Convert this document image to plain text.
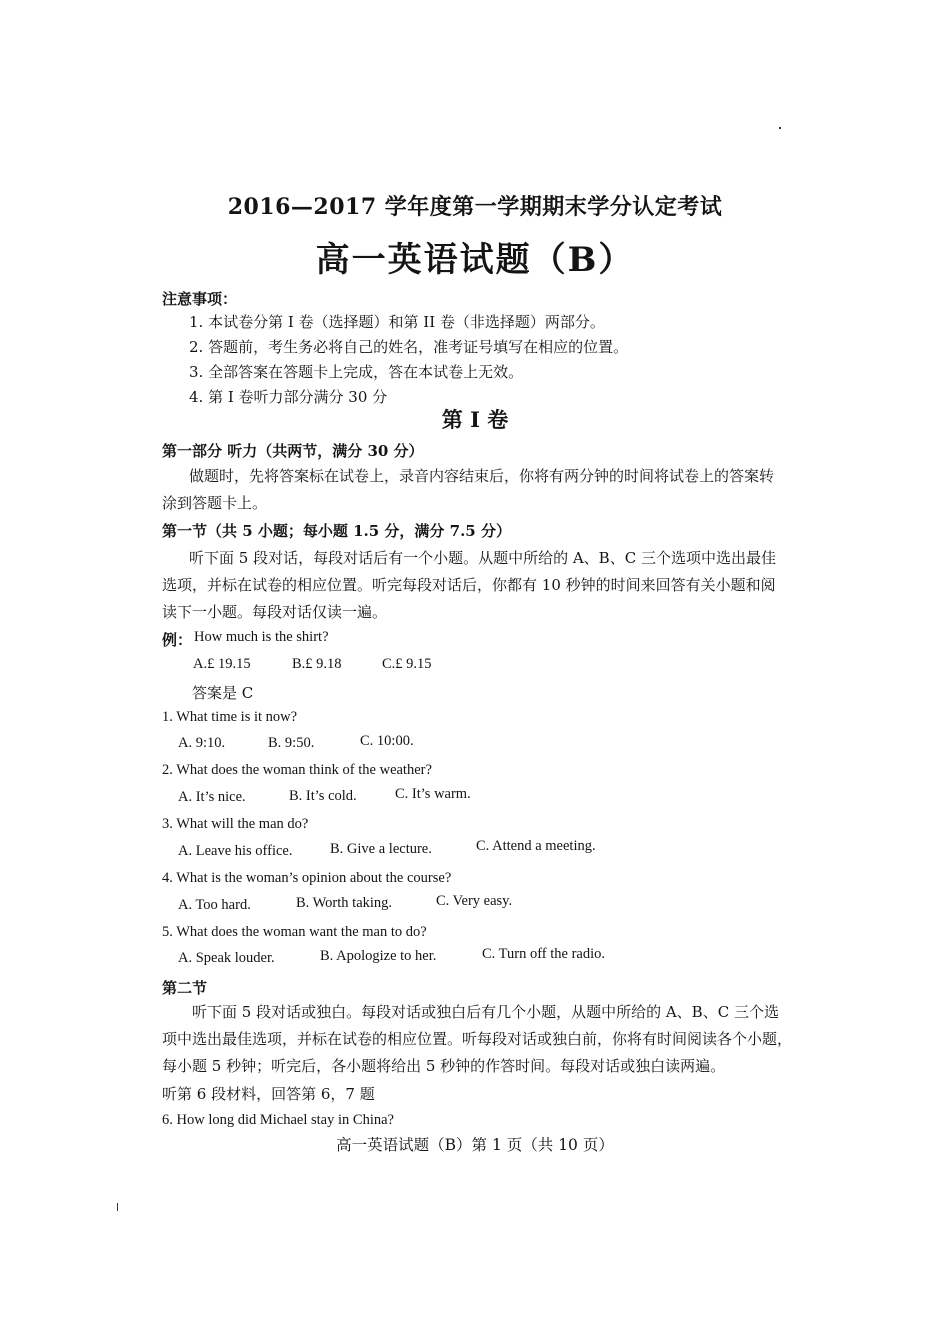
2016—2017 学年度第一学期期末学分认定考试
高一英语试题（B）
注意事项：
1. 本试卷分第 I 卷（选择题）和第 II 卷（非选择题）两部分。
2. 答题前，考生务必将自己的姓名，准考证号填写在相应的位置。
3. 全部答案在答题卡上完成，答在本试卷上无效。
4. 第 I 卷听力部分满分 30 分
第 I 卷
第一部分 听力（共两节，满分 30 分）
做题时，先将答案标在试卷上，录音内容结束后，你将有两分钟的时间将试卷上的答案转
涂到答题卡上。
第一节（共 5 小题；每小题 1.5 分，满分 7.5 分）
听下面 5 段对话，每段对话后有一个小题。从题中所给的 A、B、C 三个选项中选出最佳
选项，并标在试卷的相应位置。听完每段对话后，你都有 10 秒钟的时间来回答有关小题和阅
读下一小题。每段对话仅读一遍。
例： How much is the shirt?
A.£ 19.15	B.£ 9.18	C.£ 9.15
答案是 C
1. What time is it now?
A. 9:10.	B. 9:50.	C. 10:00.
2. What does the woman think of the weather?
A. It’s nice.	B. It’s cold.	C. It’s warm.
3. What will the man do?
A. Leave his office.	B. Give a lecture.	C. Attend a meeting.
4. What is the woman’s opinion about the course?
A. Too hard.	B. Worth taking.	C. Very easy.
5. What does the woman want the man to do?
A. Speak louder.	B. Apologize to her.	C. Turn off the radio.
第二节
听下面 5 段对话或独白。每段对话或独白后有几个小题，从题中所给的 A、B、C 三个选
项中选出最佳选项，并标在试卷的相应位置。听每段对话或独白前，你将有时间阅读各个小题，
每小题 5 秒钟；听完后，各小题将给出 5 秒钟的作答时间。每段对话或独白读两遍。
听第 6 段材料，回答第 6，7 题
6. How long did Michael stay in China?
高一英语试题（B）第 1 页（共 10 页）
